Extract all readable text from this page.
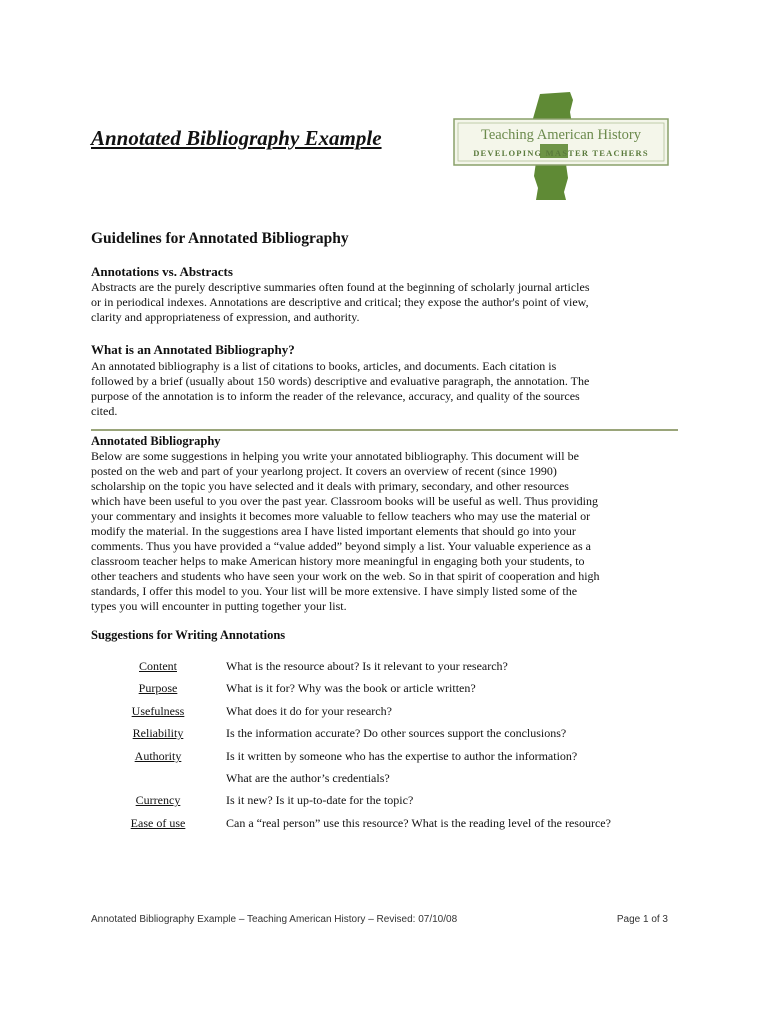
Annotated Bibliography Example	Teaching American History
DEVELOPING MASTER TEACHERS
Guidelines for Annotated Bibliography
Annotations vs. Abstracts
Abstracts are the purely descriptive summaries often found at the beginning of scholarly journal articles
or in periodical indexes. Annotations are descriptive and critical; they expose the author's point of view,
clarity and appropriateness of expression, and authority.
What is an Annotated Bibliography?
An annotated bibliography is a list of citations to books, articles, and documents. Each citation is
followed by a brief (usually about 150 words) descriptive and evaluative paragraph, the annotation. The
purpose of the annotation is to inform the reader of the relevance, accuracy, and quality of the sources
cited.
Annotated Bibliography
Below are some suggestions in helping you write your annotated bibliography. This document will be
posted on the web and part of your yearlong project. It covers an overview of recent (since 1990)
scholarship on the topic you have selected and it deals with primary, secondary, and other resources
which have been useful to you over the past year. Classroom books will be useful as well. Thus providing
your commentary and insights it becomes more valuable to fellow teachers who may use the material or
modify the material. In the suggestions area I have listed important elements that should go into your
comments. Thus you have provided a “value added” beyond simply a list. Your valuable experience as a
classroom teacher helps to make American history more meaningful in engaging both your students, to
other teachers and students who have seen your work on the web. So in that spirit of cooperation and high
standards, I offer this model to you. Your list will be more extensive. I have simply listed some of the
types you will encounter in putting together your list.
Suggestions for Writing Annotations
Content	What is the resource about? Is it relevant to your research?
Purpose	What is it for? Why was the book or article written?
Usefulness	What does it do for your research?
Reliability	Is the information accurate? Do other sources support the conclusions?
Authority	Is it written by someone who has the expertise to author the information?
What are the author’s credentials?
Currency	Is it new? Is it up-to-date for the topic?
Ease of use	Can a “real person” use this resource? What is the reading level of the resource?
Annotated Bibliography Example – Teaching American History – Revised: 07/10/08	Page 1 of 3
